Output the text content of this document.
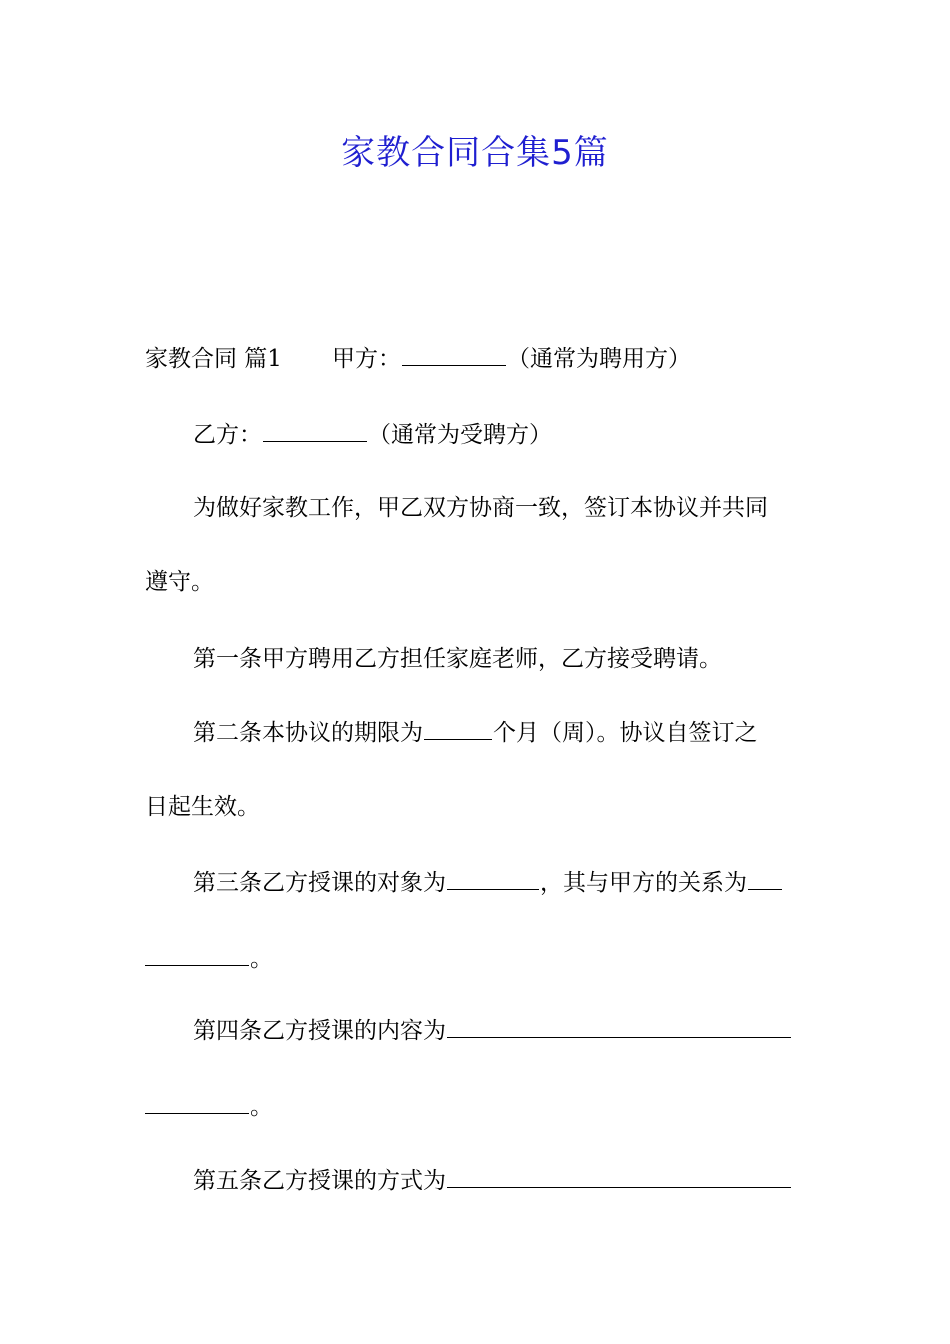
家教合同合集5篇
家教合同 篇1 甲方：	（通常为聘用方）
乙方：	（通常为受聘方）
为做好家教工作，甲乙双方协商一致，签订本协议并共同
遵守。
第一条甲方聘用乙方担任家庭老师，乙方接受聘请。
第二条本协议的期限为	个月（周）。协议自签订之
日起生效。
第三条乙方授课的对象为	，其与甲方的关系为
。
第四条乙方授课的内容为
。
第五条乙方授课的方式为
